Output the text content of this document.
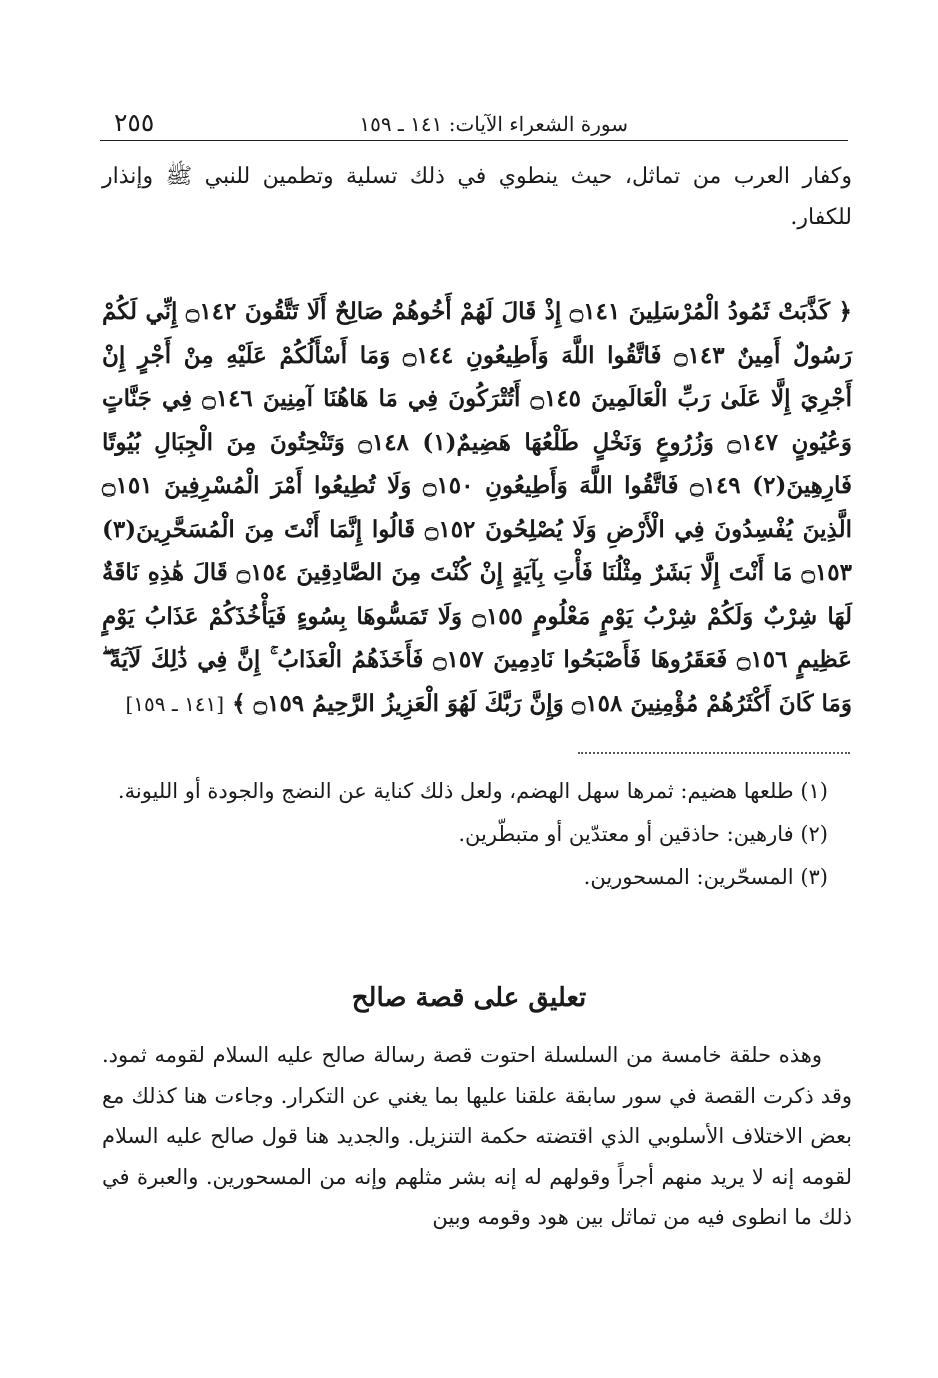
سورة الشعراء الآيات: ١٤١ ـ ١٥٩
٢٥٥

وكفار العرب من تماثل، حيث ينطوي في ذلك تسلية وتطمين للنبي ﷺ وإنذار للكفار.

﴿ كَذَّبَتْ ثَمُودُ الْمُرْسَلِينَ ۝١٤١ إِذْ قَالَ لَهُمْ أَخُوهُمْ صَالِحٌ أَلَا تَتَّقُونَ ۝١٤٢ إِنِّي لَكُمْ رَسُولٌ أَمِينٌ ۝١٤٣ فَاتَّقُوا اللَّهَ وَأَطِيعُونِ ۝١٤٤ وَمَا أَسْأَلُكُمْ عَلَيْهِ مِنْ أَجْرٍ إِنْ أَجْرِيَ إِلَّا عَلَىٰ رَبِّ الْعَالَمِينَ ۝١٤٥ أَتُتْرَكُونَ فِي مَا هَاهُنَا آمِنِينَ ۝١٤٦ فِي جَنَّاتٍ وَعُيُونٍ ۝١٤٧ وَزُرُوعٍ وَنَخْلٍ طَلْعُهَا هَضِيمٌ(١) ۝١٤٨ وَتَنْحِتُونَ مِنَ الْجِبَالِ بُيُوتًا فَارِهِينَ(٢) ۝١٤٩ فَاتَّقُوا اللَّهَ وَأَطِيعُونِ ۝١٥٠ وَلَا تُطِيعُوا أَمْرَ الْمُسْرِفِينَ ۝١٥١ الَّذِينَ يُفْسِدُونَ فِي الْأَرْضِ وَلَا يُصْلِحُونَ ۝١٥٢ قَالُوا إِنَّمَا أَنْتَ مِنَ الْمُسَحَّرِينَ(٣) ۝١٥٣ مَا أَنْتَ إِلَّا بَشَرٌ مِثْلُنَا فَأْتِ بِآيَةٍ إِنْ كُنْتَ مِنَ الصَّادِقِينَ ۝١٥٤ قَالَ هَٰذِهِ نَاقَةٌ لَهَا شِرْبٌ وَلَكُمْ شِرْبُ يَوْمٍ مَعْلُومٍ ۝١٥٥ وَلَا تَمَسُّوهَا بِسُوءٍ فَيَأْخُذَكُمْ عَذَابُ يَوْمٍ عَظِيمٍ ۝١٥٦ فَعَقَرُوهَا فَأَصْبَحُوا نَادِمِينَ ۝١٥٧ فَأَخَذَهُمُ الْعَذَابُ ۚ إِنَّ فِي ذَٰلِكَ لَآيَةً ۖ وَمَا كَانَ أَكْثَرُهُمْ مُؤْمِنِينَ ۝١٥٨ وَإِنَّ رَبَّكَ لَهُوَ الْعَزِيزُ الرَّحِيمُ ۝١٥٩ ﴾ [١٤١ ـ ١٥٩]

(١) طلعها هضيم: ثمرها سهل الهضم، ولعل ذلك كناية عن النضج والجودة أو الليونة.

(٢) فارهين: حاذقين أو معتدّين أو متبطّرين.

(٣) المسحّرين: المسحورين.

تعليق على قصة صالح

وهذه حلقة خامسة من السلسلة احتوت قصة رسالة صالح عليه السلام لقومه ثمود. وقد ذكرت القصة في سور سابقة علقنا عليها بما يغني عن التكرار. وجاءت هنا كذلك مع بعض الاختلاف الأسلوبي الذي اقتضته حكمة التنزيل. والجديد هنا قول صالح عليه السلام لقومه إنه لا يريد منهم أجراً وقولهم له إنه بشر مثلهم وإنه من المسحورين. والعبرة في ذلك ما انطوى فيه من تماثل بين هود وقومه وبين
